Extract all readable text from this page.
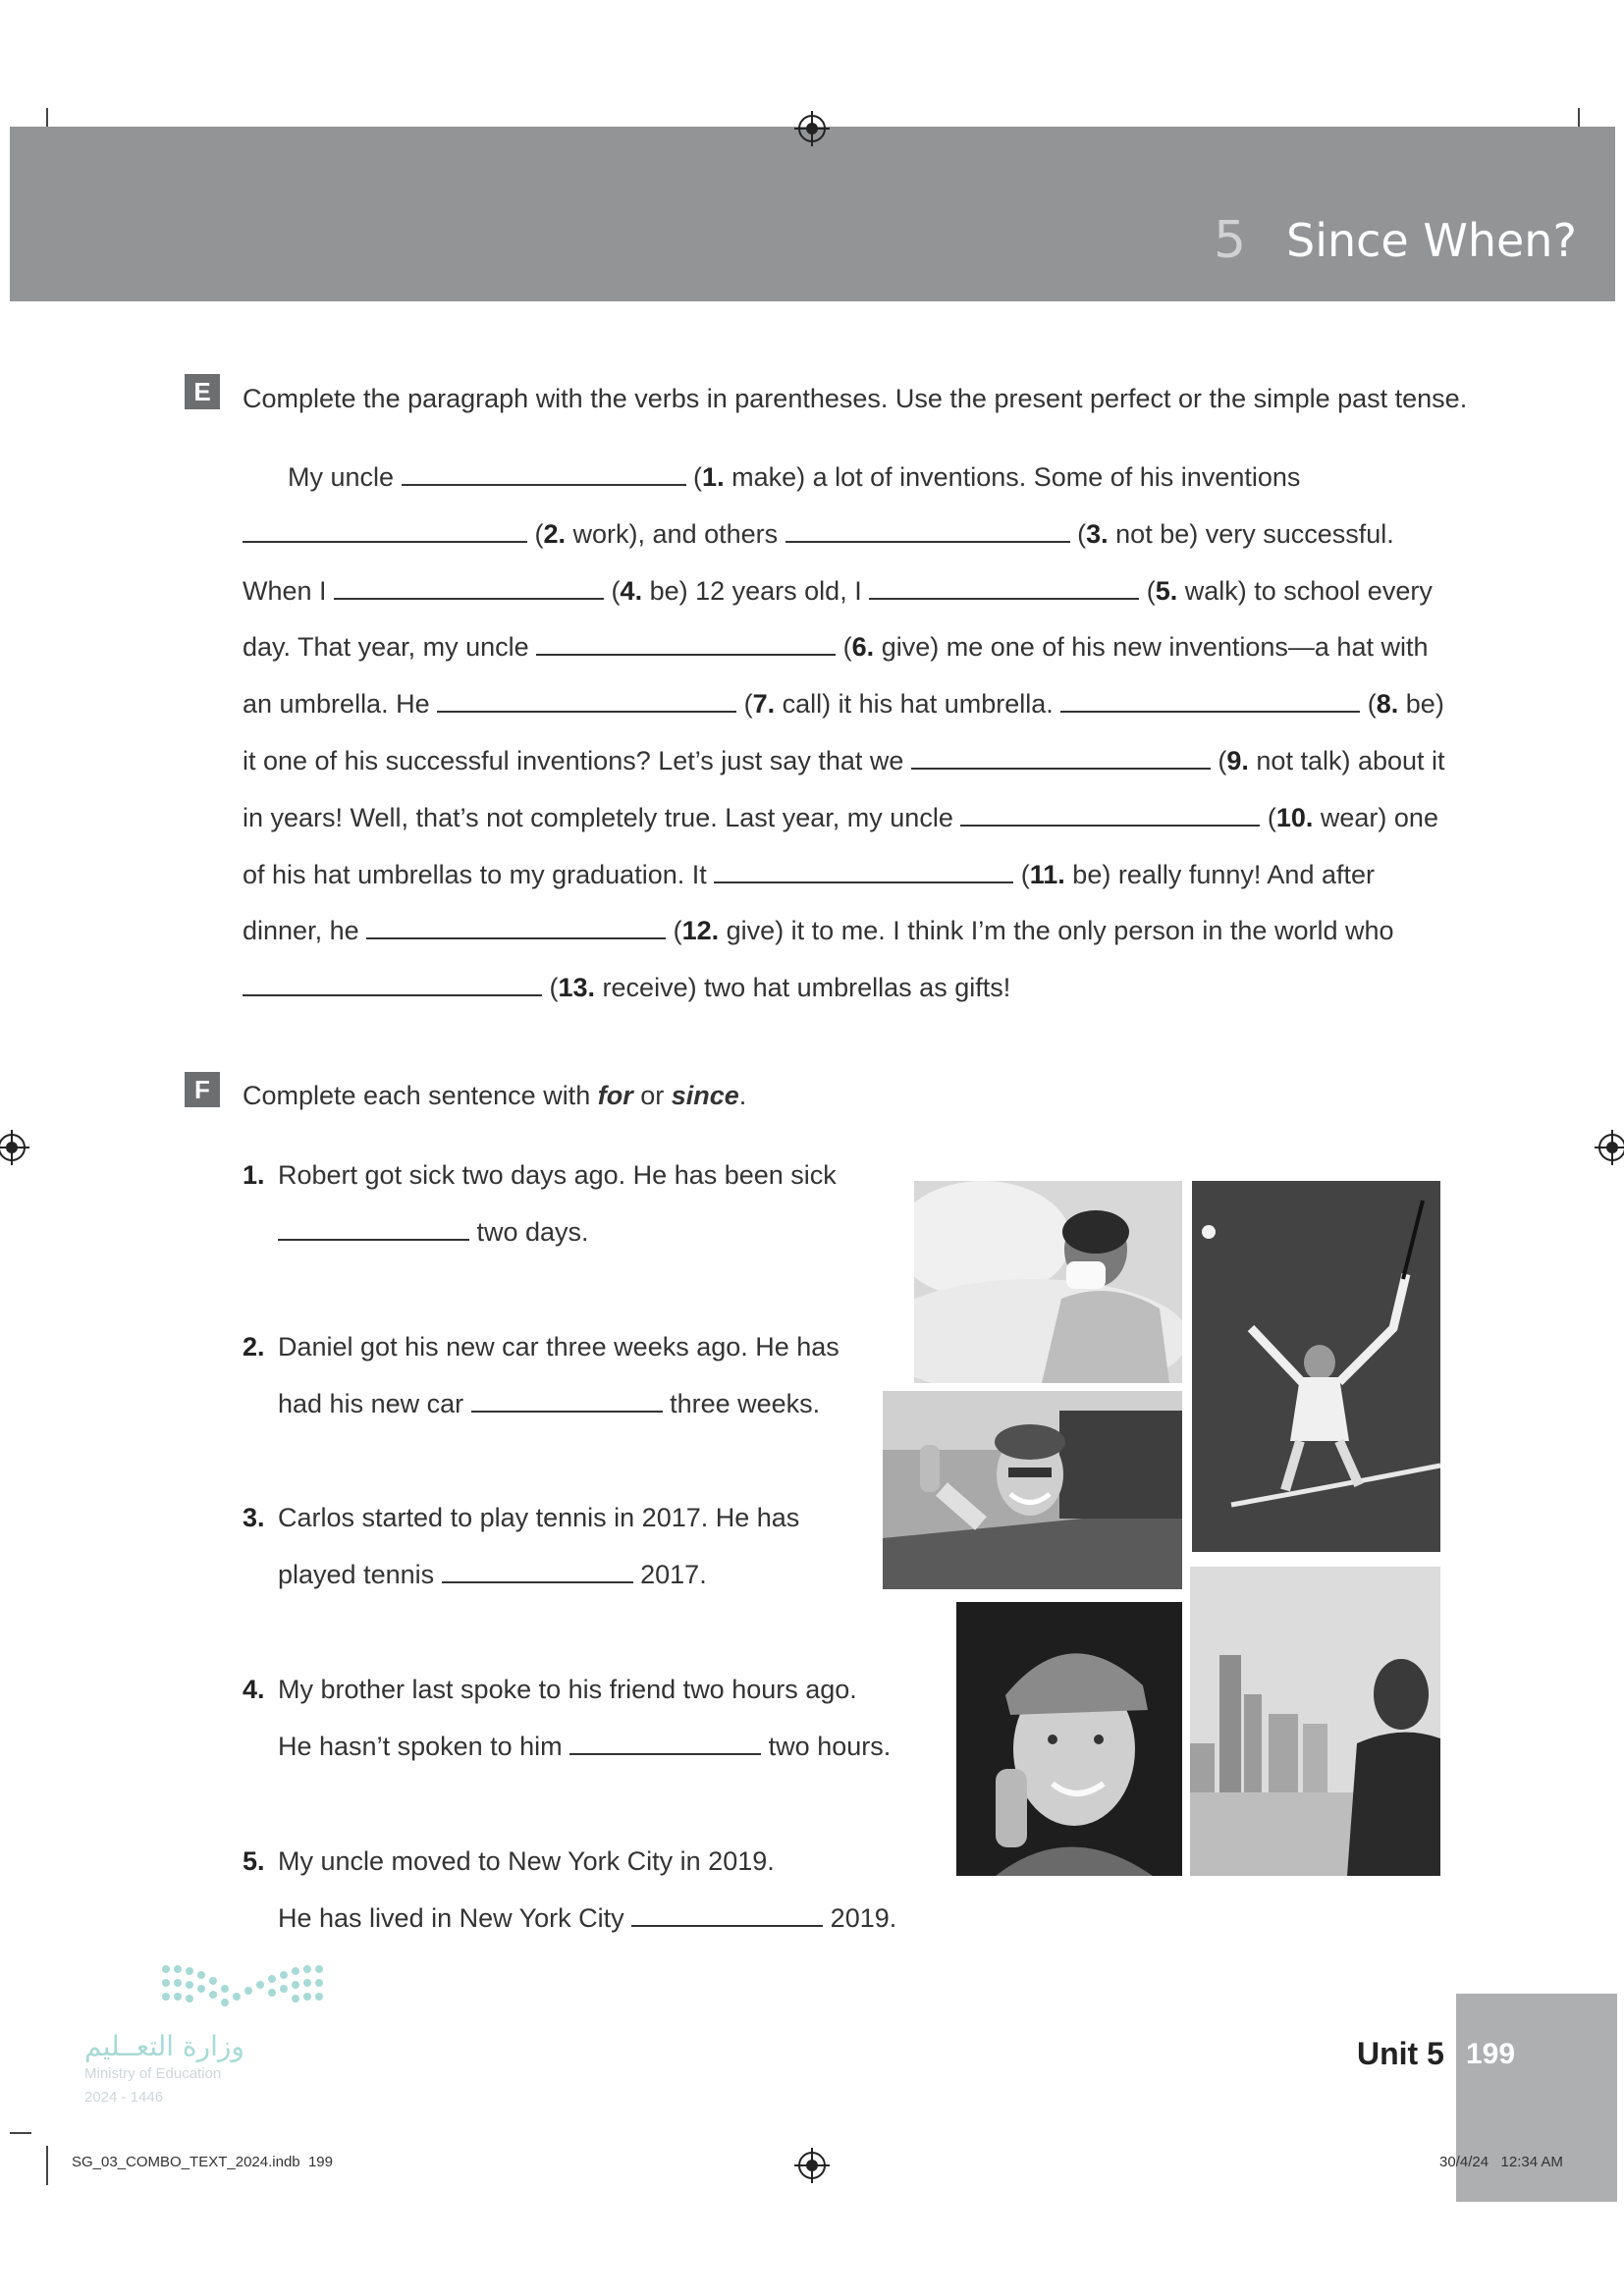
5 Since When?
E	Complete the paragraph with the verbs in parentheses. Use the present perfect or the simple past tense.
My uncle	(1. make) a lot of inventions. Some of his inventions  (2. work), and others	(3. not be) very successful. When I	(4. be) 12 years old, I	(5. walk) to school every day. That year, my uncle	(6. give) me one of his new inventions—a hat with an umbrella. He	(7. call) it his hat umbrella.	(8. be) it one of his successful inventions? Let’s just say that we	(9. not talk) about it in years! Well, that’s not completely true. Last year, my uncle	(10. wear) one of his hat umbrellas to my graduation. It	(11. be) really funny! And after dinner, he	(12. give) it to me. I think I’m the only person in the world who  (13. receive) two hat umbrellas as gifts!
F	Complete each sentence with for or since.
1. Robert got sick two days ago. He has been sick
two days.
2. Daniel got his new car three weeks ago. He has
had his new car	three weeks.
3. Carlos started to play tennis in 2017. He has
played tennis	2017.
4. My brother last spoke to his friend two hours ago.
He hasn’t spoken to him	two hours.
5. My uncle moved to New York City in 2019.
He has lived in New York City	2019.
وزارة التعــليم
Ministry of Education
2024 - 1446
Unit 5 199
SG_03_COMBO_TEXT_2024.indb  199	30/4/24   12:34 AM
